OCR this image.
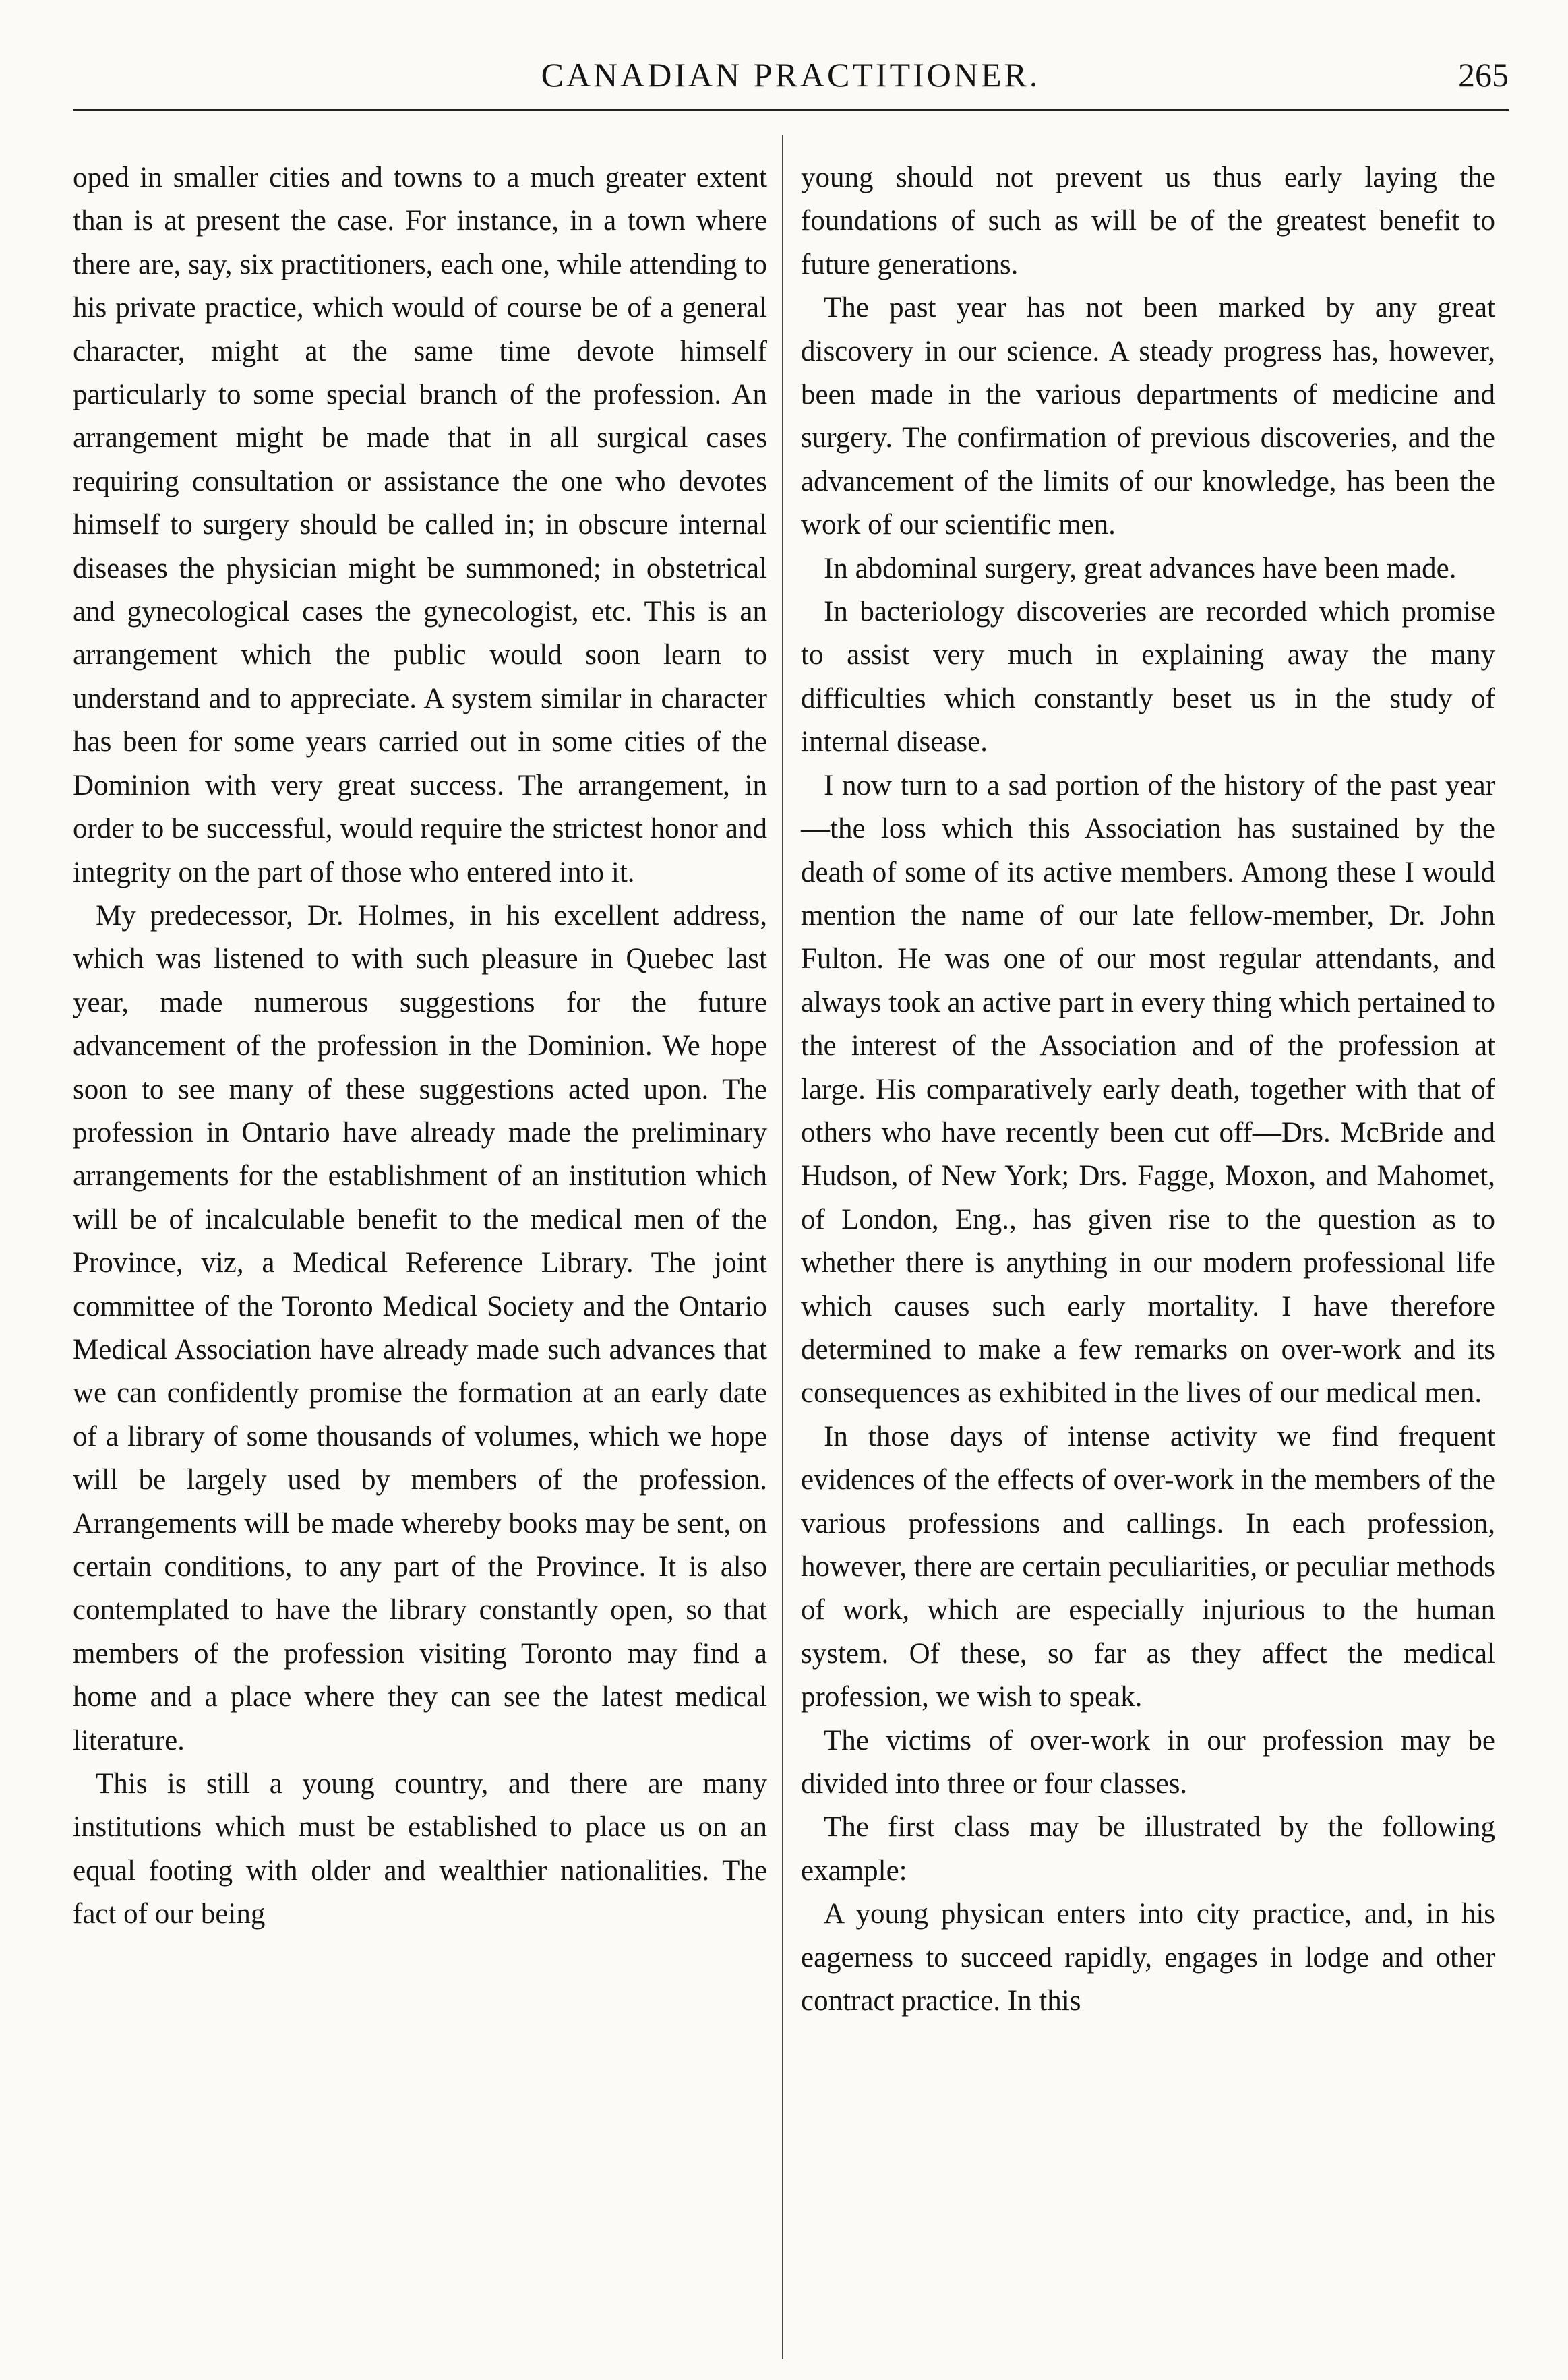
CANADIAN PRACTITIONER.	265

oped in smaller cities and towns to a much greater extent than is at present the case. For instance, in a town where there are, say, six practitioners, each one, while attending to his private practice, which would of course be of a general character, might at the same time devote himself particularly to some special branch of the profession. An arrangement might be made that in all surgical cases requiring consultation or assistance the one who devotes himself to surgery should be called in; in obscure internal diseases the physician might be summoned; in obstetrical and gynecological cases the gynecologist, etc. This is an arrangement which the public would soon learn to understand and to appreciate. A system similar in character has been for some years carried out in some cities of the Dominion with very great success. The arrangement, in order to be successful, would require the strictest honor and integrity on the part of those who entered into it.

My predecessor, Dr. Holmes, in his excellent address, which was listened to with such pleasure in Quebec last year, made numerous suggestions for the future advancement of the profession in the Dominion. We hope soon to see many of these suggestions acted upon. The profession in Ontario have already made the preliminary arrangements for the establishment of an institution which will be of incalculable benefit to the medical men of the Province, viz, a Medical Reference Library. The joint committee of the Toronto Medical Society and the Ontario Medical Association have already made such advances that we can confidently promise the formation at an early date of a library of some thousands of volumes, which we hope will be largely used by members of the profession. Arrangements will be made whereby books may be sent, on certain conditions, to any part of the Province. It is also contemplated to have the library constantly open, so that members of the profession visiting Toronto may find a home and a place where they can see the latest medical literature.

This is still a young country, and there are many institutions which must be established to place us on an equal footing with older and wealthier nationalities. The fact of our being

young should not prevent us thus early laying the foundations of such as will be of the greatest benefit to future generations.

The past year has not been marked by any great discovery in our science. A steady progress has, however, been made in the various departments of medicine and surgery. The confirmation of previous discoveries, and the advancement of the limits of our knowledge, has been the work of our scientific men.

In abdominal surgery, great advances have been made.

In bacteriology discoveries are recorded which promise to assist very much in explaining away the many difficulties which constantly beset us in the study of internal disease.

I now turn to a sad portion of the history of the past year—the loss which this Association has sustained by the death of some of its active members. Among these I would mention the name of our late fellow-member, Dr. John Fulton. He was one of our most regular attendants, and always took an active part in every thing which pertained to the interest of the Association and of the profession at large. His comparatively early death, together with that of others who have recently been cut off—Drs. McBride and Hudson, of New York; Drs. Fagge, Moxon, and Mahomet, of London, Eng., has given rise to the question as to whether there is anything in our modern professional life which causes such early mortality. I have therefore determined to make a few remarks on over-work and its consequences as exhibited in the lives of our medical men.

In those days of intense activity we find frequent evidences of the effects of over-work in the members of the various professions and callings. In each profession, however, there are certain peculiarities, or peculiar methods of work, which are especially injurious to the human system. Of these, so far as they affect the medical profession, we wish to speak.

The victims of over-work in our profession may be divided into three or four classes.

The first class may be illustrated by the following example:

A young physican enters into city practice, and, in his eagerness to succeed rapidly, engages in lodge and other contract practice. In this
